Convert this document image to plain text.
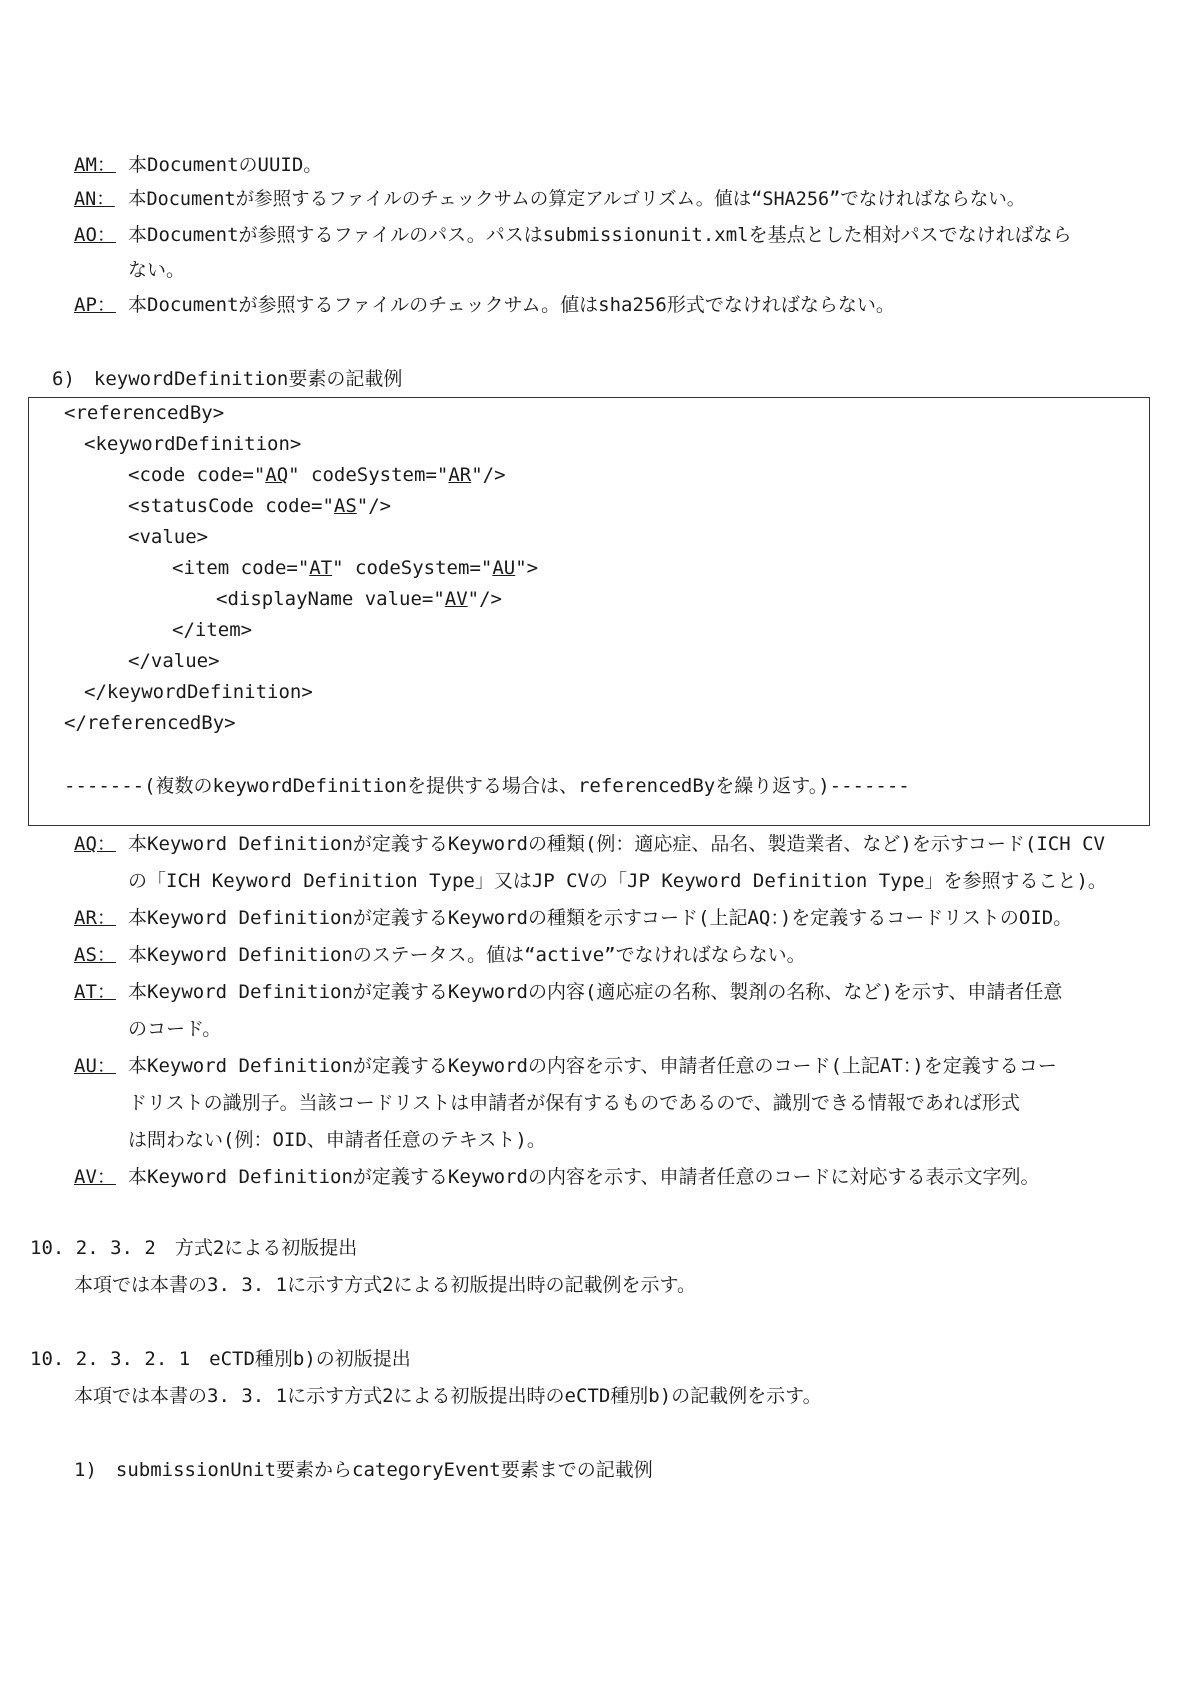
AM： 本DocumentのUUID。
AN： 本Documentが参照するファイルのチェックサムの算定アルゴリズム。値は“SHA256”でなければならない。
AO： 本Documentが参照するファイルのパス。パスはsubmissionunit.xmlを基点とした相対パスでなければなら
ない。
AP： 本Documentが参照するファイルのチェックサム。値はsha256形式でなければならない。
6)　keywordDefinition要素の記載例
<referencedBy>
<keywordDefinition>
<code code="AQ" codeSystem="AR"/>
<statusCode code="AS"/>
<value>
<item code="AT" codeSystem="AU">
<displayName value="AV"/>
</item>
</value>
</keywordDefinition>
</referencedBy>
-------(複数のkeywordDefinitionを提供する場合は、referencedByを繰り返す。)-------
AQ： 本Keyword Definitionが定義するKeywordの種類(例：適応症、品名、製造業者、など)を示すコード(ICH CV
の「ICH Keyword Definition Type」又はJP CVの「JP Keyword Definition Type」を参照すること)。
AR： 本Keyword Definitionが定義するKeywordの種類を示すコード(上記AQ：)を定義するコードリストのOID。
AS： 本Keyword Definitionのステータス。値は“active”でなければならない。
AT： 本Keyword Definitionが定義するKeywordの内容(適応症の名称、製剤の名称、など)を示す、申請者任意
のコード。
AU： 本Keyword Definitionが定義するKeywordの内容を示す、申請者任意のコード(上記AT：)を定義するコー
ドリストの識別子。当該コードリストは申請者が保有するものであるので、識別できる情報であれば形式
は問わない(例：OID、申請者任意のテキスト)。
AV： 本Keyword Definitionが定義するKeywordの内容を示す、申請者任意のコードに対応する表示文字列。
10. 2. 3. 2　方式2による初版提出
本項では本書の3. 3. 1に示す方式2による初版提出時の記載例を示す。
10. 2. 3. 2. 1　eCTD種別b)の初版提出
本項では本書の3. 3. 1に示す方式2による初版提出時のeCTD種別b)の記載例を示す。
1)　submissionUnit要素からcategoryEvent要素までの記載例
